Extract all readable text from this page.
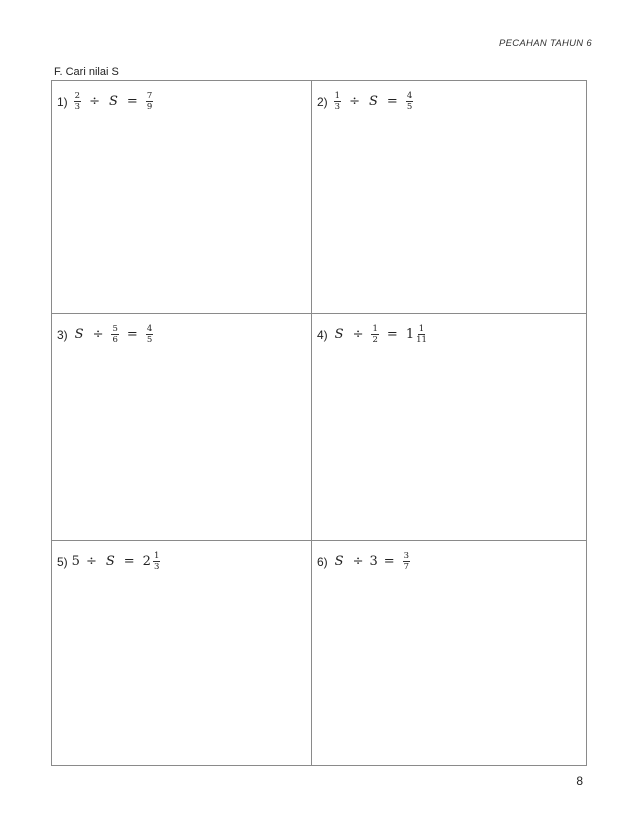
PECAHAN TAHUN 6
F. Cari nilai S
$1) \frac{2}{3} \div S = \frac{7}{9}$	$2) \frac{1}{3} \div S = \frac{4}{5}$
3) $S \div \frac{5}{6} = \frac{4}{5}$	4) $S \div \frac{1}{2} = 1 \frac{1}{11}$
5) $5 \div S = 2 \frac{1}{3}$	6) $S \div 3 = \frac{3}{7}$
8
